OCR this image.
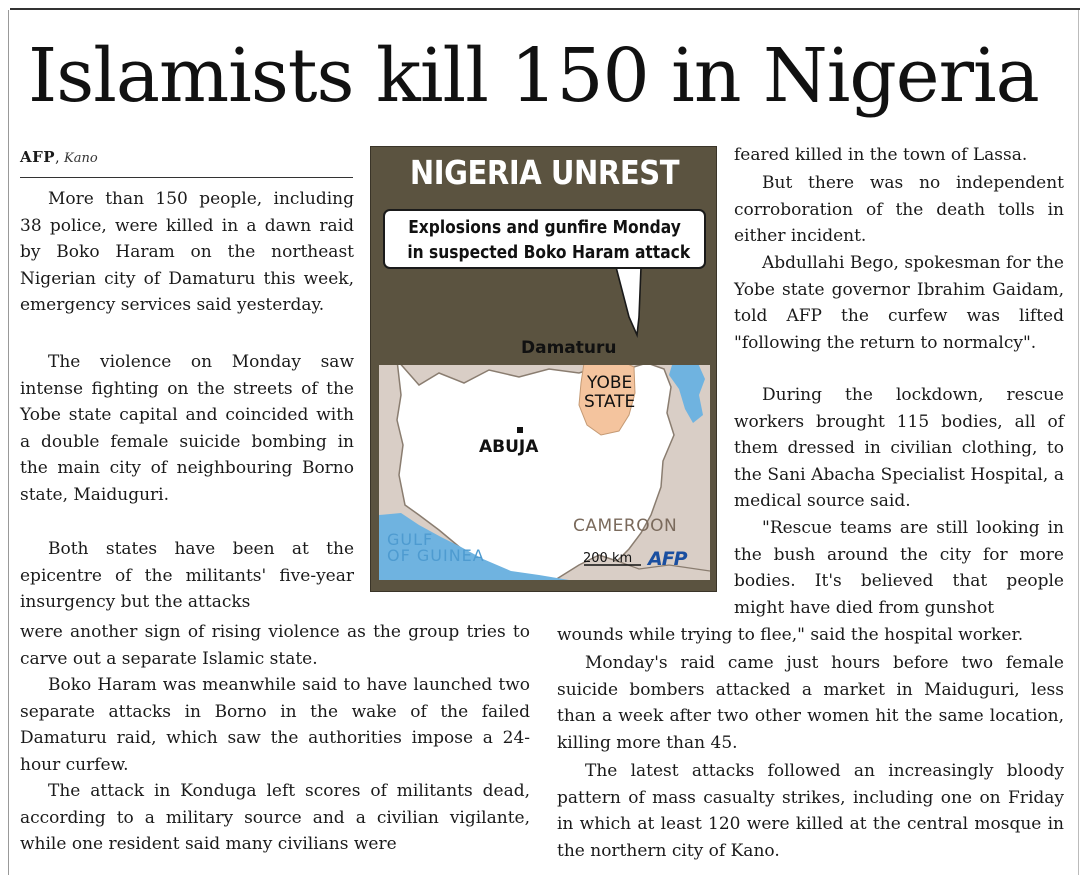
Islamists kill 150 in Nigeria
AFP, Kano

More than 150 people, including 38 police, were killed in a dawn raid by Boko Haram on the northeast Nigerian city of Damaturu this week, emergency services said yesterday.

The violence on Monday saw intense fighting on the streets of the Yobe state capital and coincided with a double female suicide bombing in the main city of neighbouring Borno state, Maiduguri.

Both states have been at the epicentre of the militants' five-year insurgency but the attacks

were another sign of rising violence as the group tries to carve out a separate Islamic state.

Boko Haram was meanwhile said to have launched two separate attacks in Borno in the wake of the failed Damaturu raid, which saw the authorities impose a 24-hour curfew.

The attack in Konduga left scores of militants dead, according to a military source and a civilian vigilante, while one resident said many civilians were

feared killed in the town of Lassa.

But there was no independent corroboration of the death tolls in either incident.

Abdullahi Bego, spokesman for the Yobe state governor Ibrahim Gaidam, told AFP the curfew was lifted "following the return to normalcy".

During the lockdown, rescue workers brought 115 bodies, all of them dressed in civilian clothing, to the Sani Abacha Specialist Hospital, a medical source said.

"Rescue teams are still looking in the bush around the city for more bodies. It's believed that people might have died from gunshot

wounds while trying to flee," said the hospital worker.

Monday's raid came just hours before two female suicide bombers attacked a market in Maiduguri, less than a week after two other women hit the same location, killing more than 45.

The latest attacks followed an increasingly bloody pattern of mass casualty strikes, including one on Friday in which at least 120 were killed at the central mosque in the northern city of Kano.

NIGERIA UNREST
Explosions and gunfire Monday
in suspected Boko Haram attack
Damaturu
YOBE
STATE
ABUJA
CAMEROON
GULF
OF GUINEA	200 km AFP
